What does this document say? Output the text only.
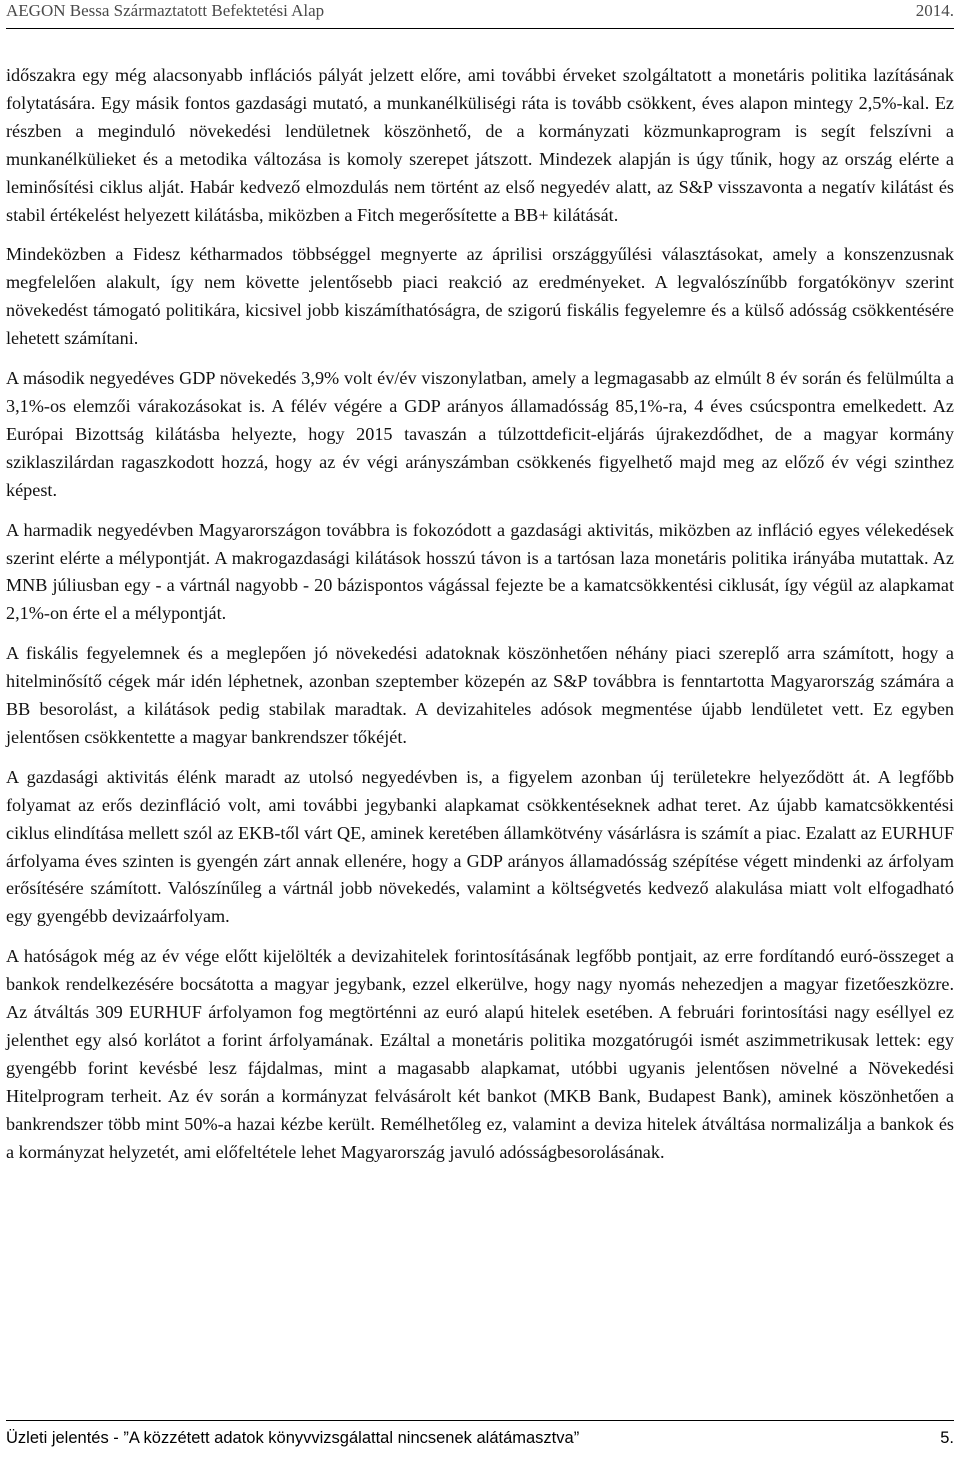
AEGON Bessa Származtatott Befektetési Alap	2014.

időszakra egy még alacsonyabb inflációs pályát jelzett előre, ami további érveket szolgáltatott a monetáris politika lazításának folytatására. Egy másik fontos gazdasági mutató, a munkanélküliségi ráta is tovább csökkent, éves alapon mintegy 2,5%-kal. Ez részben a meginduló növekedési lendületnek köszönhető, de a kormányzati közmunkaprogram is segít felszívni a munkanélkülieket és a metodika változása is komoly szerepet játszott. Mindezek alapján is úgy tűnik, hogy az ország elérte a leminősítési ciklus alját. Habár kedvező elmozdulás nem történt az első negyedév alatt, az S&P visszavonta a negatív kilátást és stabil értékelést helyezett kilátásba, miközben a Fitch megerősítette a BB+ kilátását.

Mindeközben a Fidesz kétharmados többséggel megnyerte az áprilisi országgyűlési választásokat, amely a konszenzusnak megfelelően alakult, így nem követte jelentősebb piaci reakció az eredményeket. A legvalószínűbb forgatókönyv szerint növekedést támogató politikára, kicsivel jobb kiszámíthatóságra, de szigorú fiskális fegyelemre és a külső adósság csökkentésére lehetett számítani.

A második negyedéves GDP növekedés 3,9% volt év/év viszonylatban, amely a legmagasabb az elmúlt 8 év során és felülmúlta a 3,1%-os elemzői várakozásokat is. A félév végére a GDP arányos államadósság 85,1%-ra, 4 éves csúcspontra emelkedett. Az Európai Bizottság kilátásba helyezte, hogy 2015 tavaszán a túlzottdeficit-eljárás újrakezdődhet, de a magyar kormány sziklaszilárdan ragaszkodott hozzá, hogy az év végi arányszámban csökkenés figyelhető majd meg az előző év végi szinthez képest.

A harmadik negyedévben Magyarországon továbbra is fokozódott a gazdasági aktivitás, miközben az infláció egyes vélekedések szerint elérte a mélypontját. A makrogazdasági kilátások hosszú távon is a tartósan laza monetáris politika irányába mutattak. Az MNB júliusban egy - a vártnál nagyobb - 20 bázispontos vágással fejezte be a kamatcsökkentési ciklusát, így végül az alapkamat 2,1%-on érte el a mélypontját.

A fiskális fegyelemnek és a meglepően jó növekedési adatoknak köszönhetően néhány piaci szereplő arra számított, hogy a hitelminősítő cégek már idén léphetnek, azonban szeptember közepén az S&P továbbra is fenntartotta Magyarország számára a BB besorolást, a kilátások pedig stabilak maradtak. A devizahiteles adósok megmentése újabb lendületet vett. Ez egyben jelentősen csökkentette a magyar bankrendszer tőkéjét.

A gazdasági aktivitás élénk maradt az utolsó negyedévben is, a figyelem azonban új területekre helyeződött át. A legfőbb folyamat az erős dezinfláció volt, ami további jegybanki alapkamat csökkentéseknek adhat teret. Az újabb kamatcsökkentési ciklus elindítása mellett szól az EKB-től várt QE, aminek keretében államkötvény vásárlásra is számít a piac. Ezalatt az EURHUF árfolyama éves szinten is gyengén zárt annak ellenére, hogy a GDP arányos államadósság szépítése végett mindenki az árfolyam erősítésére számított. Valószínűleg a vártnál jobb növekedés, valamint a költségvetés kedvező alakulása miatt volt elfogadható egy gyengébb devizaárfolyam.

A hatóságok még az év vége előtt kijelölték a devizahitelek forintosításának legfőbb pontjait, az erre fordítandó euró-összeget a bankok rendelkezésére bocsátotta a magyar jegybank, ezzel elkerülve, hogy nagy nyomás nehezedjen a magyar fizetőeszközre. Az átváltás 309 EURHUF árfolyamon fog megtörténni az euró alapú hitelek esetében. A februári forintosítási nagy eséllyel ez jelenthet egy alsó korlátot a forint árfolyamának. Ezáltal a monetáris politika mozgatórugói ismét aszimmetrikusak lettek: egy gyengébb forint kevésbé lesz fájdalmas, mint a magasabb alapkamat, utóbbi ugyanis jelentősen növelné a Növekedési Hitelprogram terheit. Az év során a kormányzat felvásárolt két bankot (MKB Bank, Budapest Bank), aminek köszönhetően a bankrendszer több mint 50%-a hazai kézbe került. Remélhetőleg ez, valamint a deviza hitelek átváltása normalizálja a bankok és a kormányzat helyzetét, ami előfeltétele lehet Magyarország javuló adósságbesorolásának.

Üzleti jelentés - ”A közzétett adatok könyvvizsgálattal nincsenek alátámasztva”	5.
